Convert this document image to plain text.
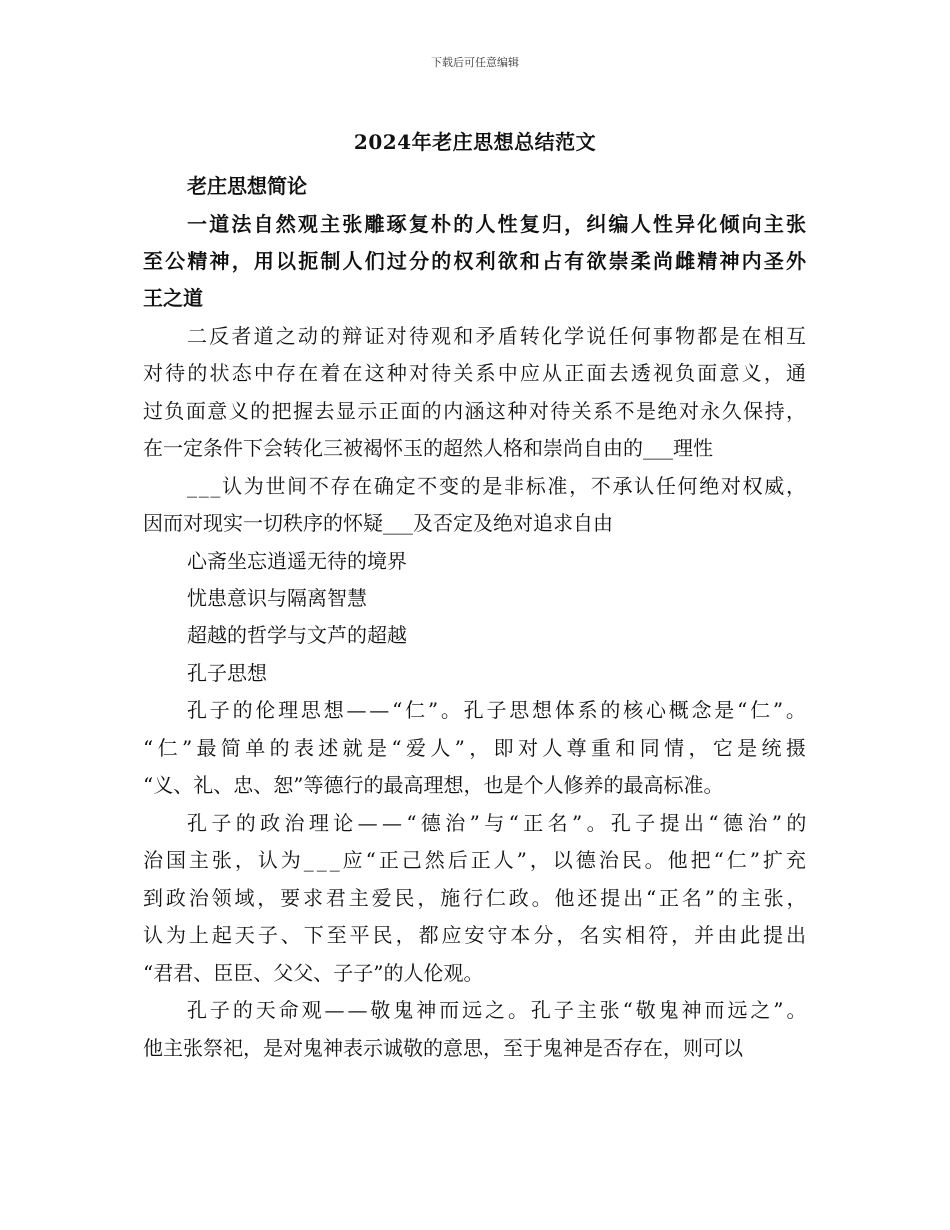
下载后可任意编辑
2024年老庄思想总结范文
老庄思想简论
一道法自然观主张雕琢复朴的人性复归，纠编人性异化倾向主张
至公精神，用以扼制人们过分的权利欲和占有欲崇柔尚雌精神内圣外
王之道
二反者道之动的辩证对待观和矛盾转化学说任何事物都是在相互
对待的状态中存在着在这种对待关系中应从正面去透视负面意义，通
过负面意义的把握去显示正面的内涵这种对待关系不是绝对永久保持，
在一定条件下会转化三被褐怀玉的超然人格和崇尚自由的___理性
___认为世间不存在确定不变的是非标准，不承认任何绝对权威，
因而对现实一切秩序的怀疑___及否定及绝对追求自由
心斋坐忘逍遥无待的境界
忧患意识与隔离智慧
超越的哲学与文芦的超越
孔子思想
孔子的伦理思想——“仁”。孔子思想体系的核心概念是“仁”。
“仁”最简单的表述就是“爱人”，即对人尊重和同情，它是统摄
“义、礼、忠、恕”等德行的最高理想，也是个人修养的最高标准。
孔子的政治理论——“德治”与“正名”。孔子提出“德治”的
治国主张，认为___应“正己然后正人”，以德治民。他把“仁”扩充
到政治领域，要求君主爱民，施行仁政。他还提出“正名”的主张，
认为上起天子、下至平民，都应安守本分，名实相符，并由此提出
“君君、臣臣、父父、子子”的人伦观。
孔子的天命观——敬鬼神而远之。孔子主张“敬鬼神而远之”。
他主张祭祀，是对鬼神表示诚敬的意思，至于鬼神是否存在，则可以
